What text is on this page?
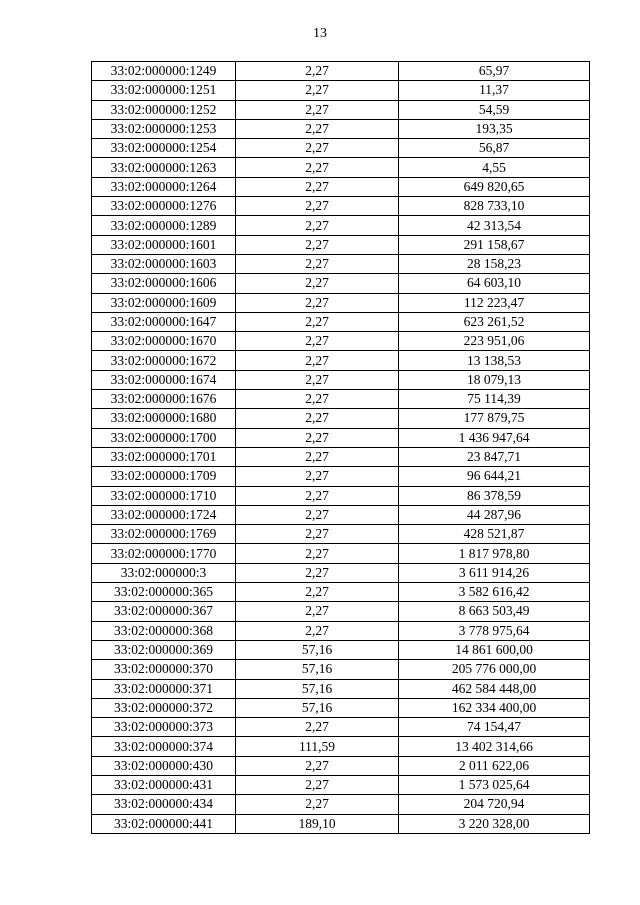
13
33:02:000000:1249	2,27	65,97
33:02:000000:1251	2,27	11,37
33:02:000000:1252	2,27	54,59
33:02:000000:1253	2,27	193,35
33:02:000000:1254	2,27	56,87
33:02:000000:1263	2,27	4,55
33:02:000000:1264	2,27	649 820,65
33:02:000000:1276	2,27	828 733,10
33:02:000000:1289	2,27	42 313,54
33:02:000000:1601	2,27	291 158,67
33:02:000000:1603	2,27	28 158,23
33:02:000000:1606	2,27	64 603,10
33:02:000000:1609	2,27	112 223,47
33:02:000000:1647	2,27	623 261,52
33:02:000000:1670	2,27	223 951,06
33:02:000000:1672	2,27	13 138,53
33:02:000000:1674	2,27	18 079,13
33:02:000000:1676	2,27	75 114,39
33:02:000000:1680	2,27	177 879,75
33:02:000000:1700	2,27	1 436 947,64
33:02:000000:1701	2,27	23 847,71
33:02:000000:1709	2,27	96 644,21
33:02:000000:1710	2,27	86 378,59
33:02:000000:1724	2,27	44 287,96
33:02:000000:1769	2,27	428 521,87
33:02:000000:1770	2,27	1 817 978,80
33:02:000000:3	2,27	3 611 914,26
33:02:000000:365	2,27	3 582 616,42
33:02:000000:367	2,27	8 663 503,49
33:02:000000:368	2,27	3 778 975,64
33:02:000000:369	57,16	14 861 600,00
33:02:000000:370	57,16	205 776 000,00
33:02:000000:371	57,16	462 584 448,00
33:02:000000:372	57,16	162 334 400,00
33:02:000000:373	2,27	74 154,47
33:02:000000:374	111,59	13 402 314,66
33:02:000000:430	2,27	2 011 622,06
33:02:000000:431	2,27	1 573 025,64
33:02:000000:434	2,27	204 720,94
33:02:000000:441	189,10	3 220 328,00
